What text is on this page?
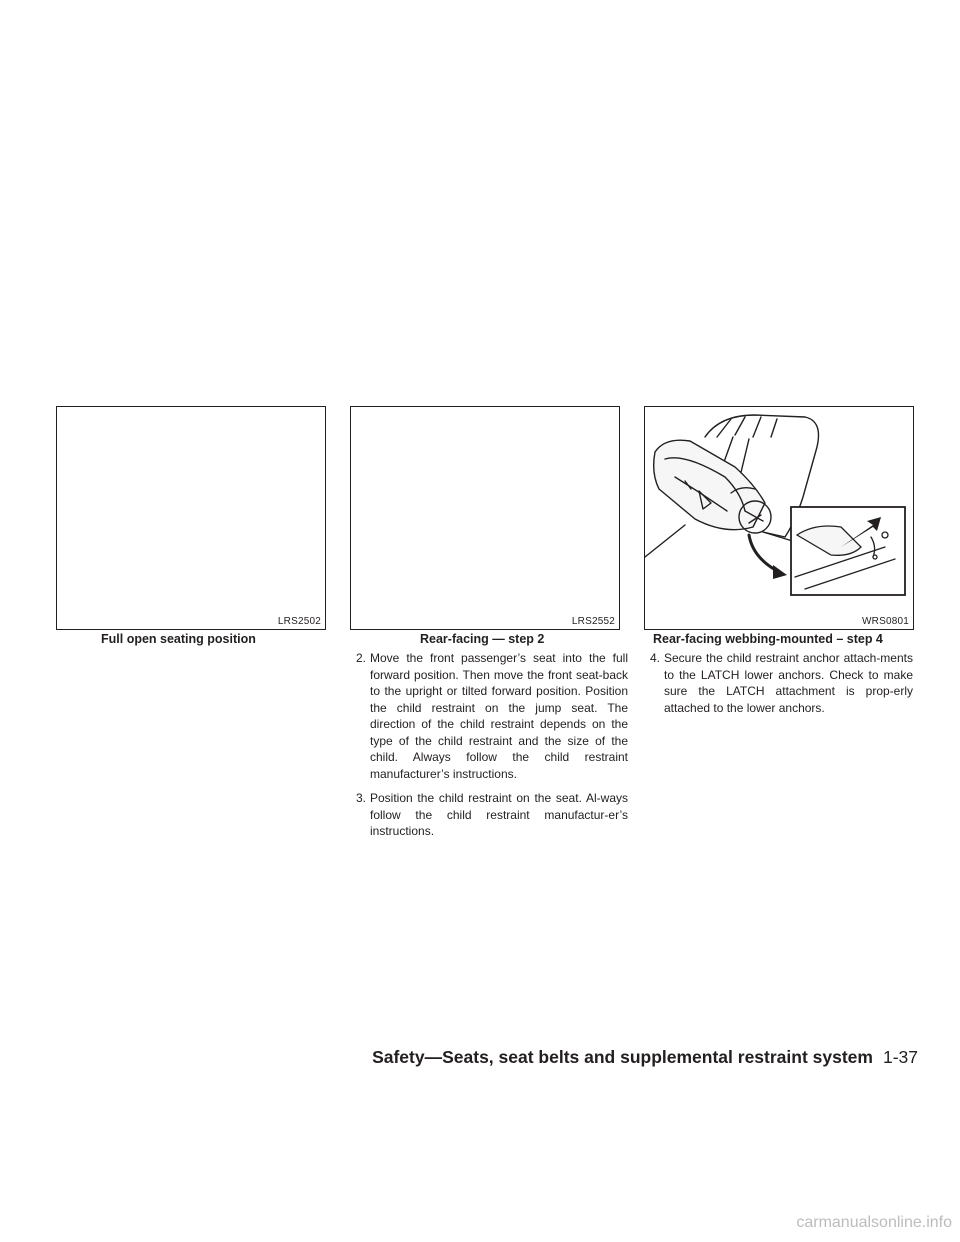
LRS2502
Full open seating position
LRS2552
Rear-facing — step 2
WRS0801
Rear-facing webbing-mounted – step 4
2. Move the front passenger’s seat into the full forward position. Then move the front seat-back to the upright or tilted forward position. Position the child restraint on the jump seat. The direction of the child restraint depends on the type of the child restraint and the size of the child. Always follow the child restraint manufacturer’s instructions.
3. Position the child restraint on the seat. Al-ways follow the child restraint manufactur-er’s instructions.
4. Secure the child restraint anchor attach-ments to the LATCH lower anchors. Check to make sure the LATCH attachment is prop-erly attached to the lower anchors.
Safety—Seats, seat belts and supplemental restraint system 1-37
carmanualsonline.info
